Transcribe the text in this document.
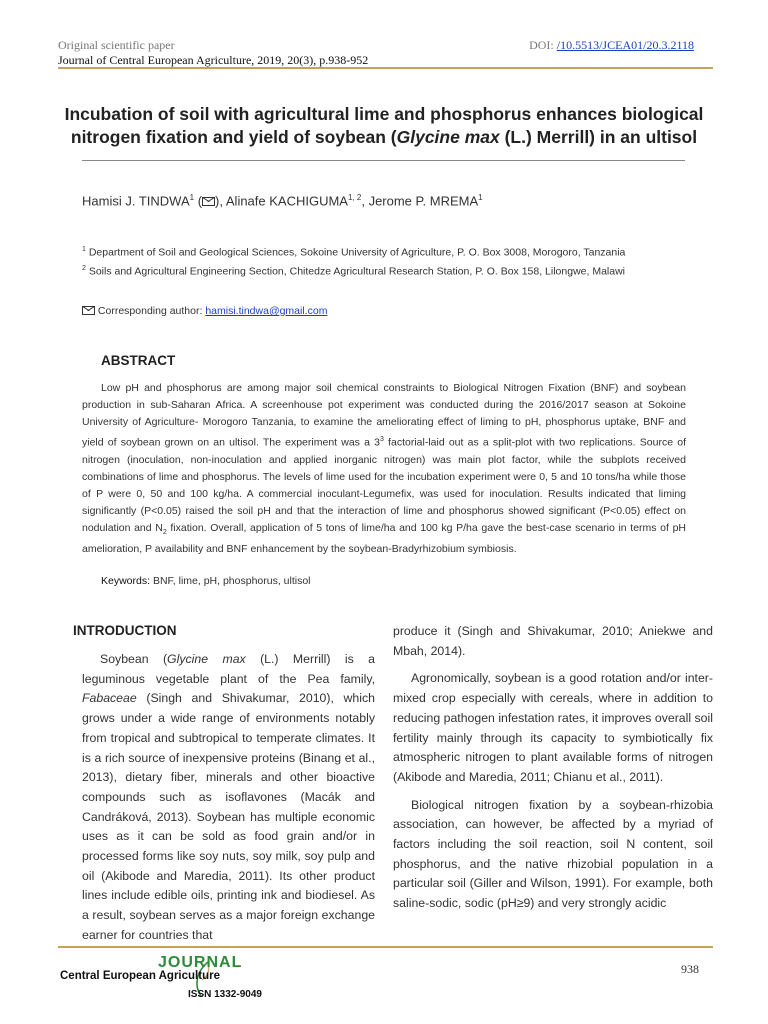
Original scientific paper
Journal of Central European Agriculture, 2019, 20(3), p.938-952
DOI: /10.5513/JCEA01/20.3.2118
Incubation of soil with agricultural lime and phosphorus enhances biological nitrogen fixation and yield of soybean (Glycine max (L.) Merrill) in an ultisol
Hamisi J. TINDWA$^1$ ( ), Alinafe KACHIGUMA$^{1, 2}$, Jerome P. MREMA$^1$
$^1$ Department of Soil and Geological Sciences, Sokoine University of Agriculture, P. O. Box 3008, Morogoro, Tanzania
$^2$ Soils and Agricultural Engineering Section, Chitedze Agricultural Research Station, P. O. Box 158, Lilongwe, Malawi
Corresponding author: hamisi.tindwa@gmail.com
ABSTRACT
Low pH and phosphorus are among major soil chemical constraints to Biological Nitrogen Fixation (BNF) and soybean production in sub-Saharan Africa. A screenhouse pot experiment was conducted during the 2016/2017 season at Sokoine University of Agriculture- Morogoro Tanzania, to examine the ameliorating effect of liming to pH, phosphorus uptake, BNF and yield of soybean grown on an ultisol. The experiment was a $3^3$ factorial-laid out as a split-plot with two replications. Source of nitrogen (inoculation, non-inoculation and applied inorganic nitrogen) was main plot factor, while the subplots received combinations of lime and phosphorus. The levels of lime used for the incubation experiment were 0, 5 and 10 tons/ha while those of P were 0, 50 and 100 kg/ha. A commercial inoculant-Legumefix, was used for inoculation. Results indicated that liming significantly (P<0.05) raised the soil pH and that the interaction of lime and phosphorus showed significant (P<0.05) effect on nodulation and $N_2$ fixation. Overall, application of 5 tons of lime/ha and 100 kg P/ha gave the best-case scenario in terms of pH amelioration, P availability and BNF enhancement by the soybean-Bradyrhizobium symbiosis.
Keywords: BNF, lime, pH, phosphorus, ultisol
INTRODUCTION

Soybean (Glycine max (L.) Merrill) is a leguminous vegetable plant of the Pea family, Fabaceae (Singh and Shivakumar, 2010), which grows under a wide range of environments notably from tropical and subtropical to temperate climates. It is a rich source of inexpensive proteins (Binang et al., 2013), dietary fiber, minerals and other bioactive compounds such as isoflavones (Macák and Candráková, 2013). Soybean has multiple economic uses as it can be sold as food grain and/or in processed forms like soy nuts, soy milk, soy pulp and oil (Akibode and Maredia, 2011). Its other product lines include edible oils, printing ink and biodiesel. As a result, soybean serves as a major foreign exchange earner for countries that

produce it (Singh and Shivakumar, 2010; Aniekwe and Mbah, 2014).

Agronomically, soybean is a good rotation and/or inter-mixed crop especially with cereals, where in addition to reducing pathogen infestation rates, it improves overall soil fertility mainly through its capacity to symbiotically fix atmospheric nitrogen to plant available forms of nitrogen (Akibode and Maredia, 2011; Chianu et al., 2011).

Biological nitrogen fixation by a soybean-rhizobia association, can however, be affected by a myriad of factors including the soil reaction, soil N content, soil phosphorus, and the native rhizobial population in a particular soil (Giller and Wilson, 1991). For example, both saline-sodic, sodic (pH≥9) and very strongly acidic

JOURNAL
Central European Agriculture
ISSN 1332-9049
938
